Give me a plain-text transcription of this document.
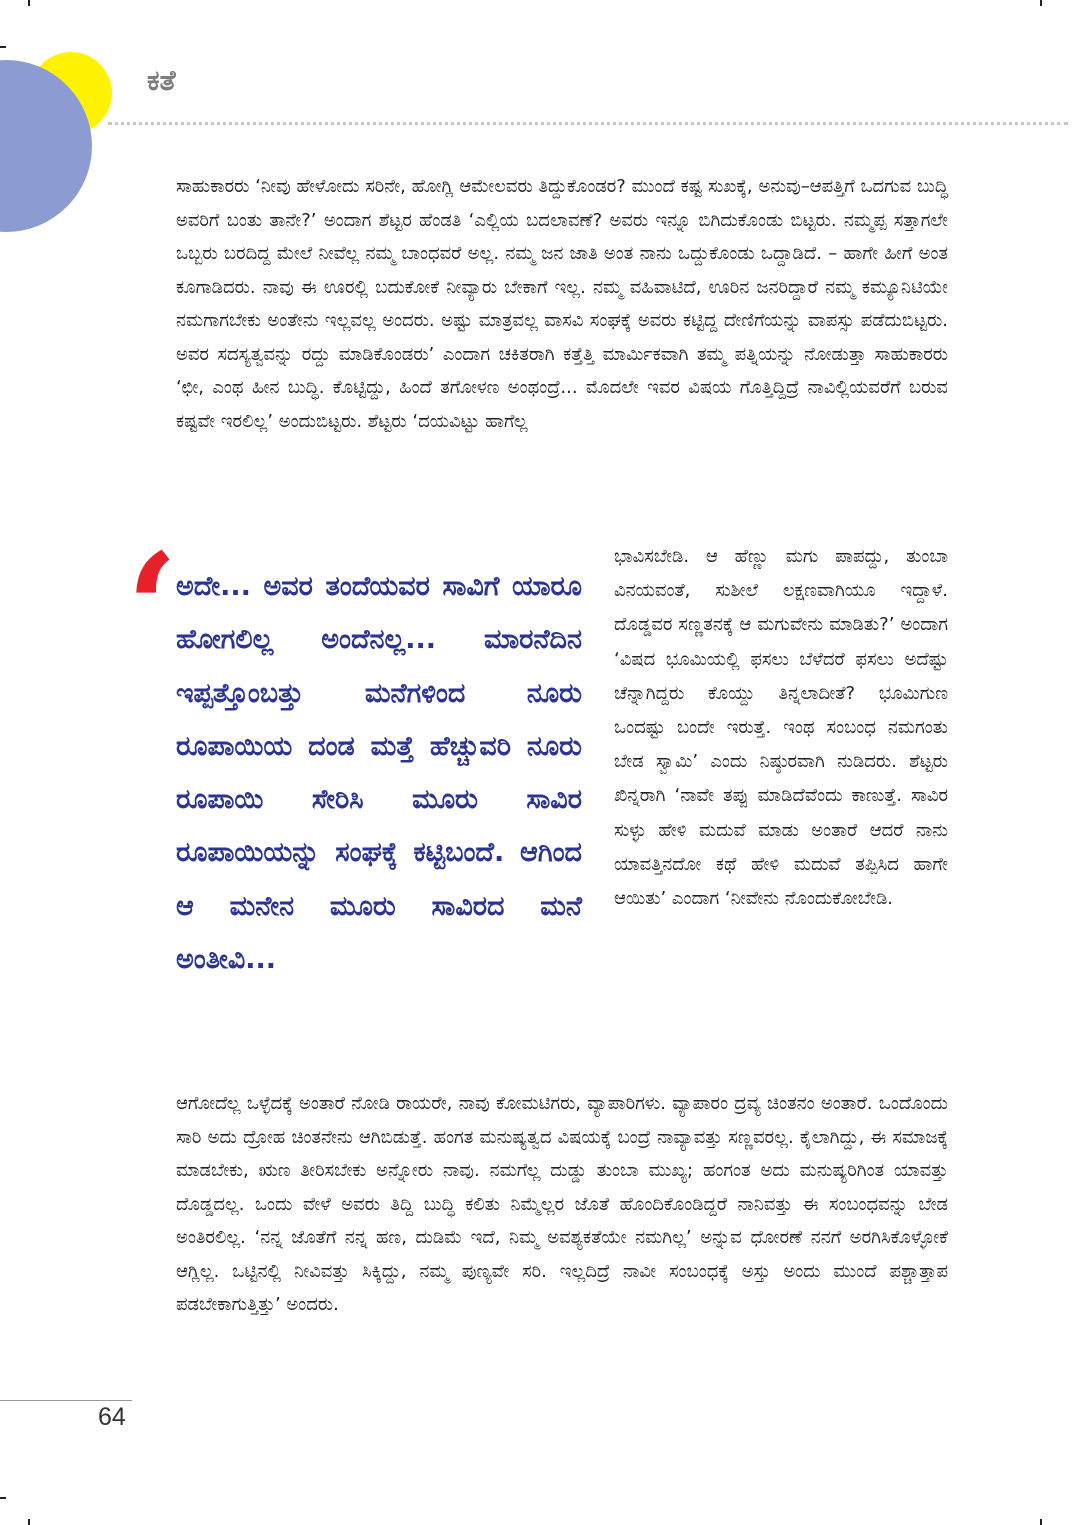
ಕತೆ

ಸಾಹುಕಾರರು ‘ನೀವು ಹೇಳೋದು ಸರಿನೇ, ಹೋಗ್ಲಿ ಆಮೇಲವರು ತಿದ್ದುಕೊಂಡರ? ಮುಂದೆ ಕಷ್ಟ ಸುಖಕ್ಕೆ, ಅನುವು–ಆಪತ್ತಿಗೆ ಒದಗುವ ಬುದ್ಧಿ ಅವರಿಗೆ ಬಂತು ತಾನೇ?’ ಅಂದಾಗ ಶೆಟ್ಟರ ಹೆಂಡತಿ ‘ಎಲ್ಲಿಯ ಬದಲಾವಣೆ? ಅವರು ಇನ್ನೂ ಬಿಗಿದುಕೊಂಡು ಬಿಟ್ಟರು. ನಮ್ಮಪ್ಪ ಸತ್ತಾಗಲೇ ಒಬ್ಬರು ಬರದಿದ್ದ ಮೇಲೆ ನೀವೆಲ್ಲ ನಮ್ಮ ಬಾಂಧವರೆ ಅಲ್ಲ. ನಮ್ಮ ಜನ ಜಾತಿ ಅಂತ ನಾನು ಒದ್ದುಕೊಂಡು ಒದ್ದಾಡಿದೆ. – ಹಾಗೇ ಹೀಗೆ ಅಂತ ಕೂಗಾಡಿದರು. ನಾವು ಈ ಊರಲ್ಲಿ ಬದುಕೋಕೆ ನೀವ್ಯಾರು ಬೇಕಾಗೆ ಇಲ್ಲ. ನಮ್ಮ ವಹಿವಾಟಿದೆ, ಊರಿನ ಜನರಿದ್ದಾರೆ ನಮ್ಮ ಕಮ್ಯೂನಿಟಿಯೇ ನಮಗಾಗಬೇಕು ಅಂತೇನು ಇಲ್ಲವಲ್ಲ ಅಂದರು. ಅಷ್ಟು ಮಾತ್ರವಲ್ಲ ವಾಸವಿ ಸಂಘಕ್ಕೆ ಅವರು ಕಟ್ಟಿದ್ದ ದೇಣಿಗೆಯನ್ನು ವಾಪಸ್ಸು ಪಡೆದುಬಿಟ್ಟರು. ಅವರ ಸದಸ್ಯತ್ವವನ್ನು ರದ್ದು ಮಾಡಿಕೊಂಡರು’ ಎಂದಾಗ ಚಕಿತರಾಗಿ ಕತ್ತೆತ್ತಿ ಮಾರ್ಮಿಕವಾಗಿ ತಮ್ಮ ಪತ್ನಿಯನ್ನು ನೋಡುತ್ತಾ ಸಾಹುಕಾರರು ‘ಛೀ, ಎಂಥ ಹೀನ ಬುದ್ಧಿ. ಕೊಟ್ಟಿದ್ದು, ಹಿಂದೆ ತಗೋಳಣ ಅಂಥಂದ್ರೆ... ಮೊದಲೇ ಇವರ ವಿಷಯ ಗೊತ್ತಿದ್ದಿದ್ರೆ ನಾವಿಲ್ಲಿಯವರೆಗೆ ಬರುವ ಕಷ್ಟವೇ ಇರಲಿಲ್ಲ’ ಅಂದುಬಿಟ್ಟರು. ಶೆಟ್ಟರು ‘ದಯವಿಟ್ಟು ಹಾಗೆಲ್ಲ

‘

ಅದೇ... ಅವರ ತಂದೆಯವರ ಸಾವಿಗೆ ಯಾರೂ ಹೋಗಲಿಲ್ಲ ಅಂದೆನಲ್ಲ... ಮಾರನೆದಿನ ಇಪ್ಪತ್ತೊಂಬತ್ತು ಮನೆಗಳಿಂದ ನೂರು ರೂಪಾಯಿಯ ದಂಡ ಮತ್ತೆ ಹೆಚ್ಚುವರಿ ನೂರು ರೂಪಾಯಿ ಸೇರಿಸಿ ಮೂರು ಸಾವಿರ ರೂಪಾಯಿಯನ್ನು ಸಂಘಕ್ಕೆ ಕಟ್ಟಿಬಂದೆ. ಆಗಿಂದ ಆ ಮನೇನ ಮೂರು ಸಾವಿರದ ಮನೆ ಅಂತೀವಿ...

ಭಾವಿಸಬೇಡಿ. ಆ ಹೆಣ್ಣು ಮಗು ಪಾಪದ್ದು, ತುಂಬಾ ವಿನಯವಂತೆ, ಸುಶೀಲೆ ಲಕ್ಷಣವಾಗಿಯೂ ಇದ್ದಾಳೆ. ದೊಡ್ಡವರ ಸಣ್ಣತನಕ್ಕೆ ಆ ಮಗುವೇನು ಮಾಡಿತು?’ ಅಂದಾಗ ‘ವಿಷದ ಭೂಮಿಯಲ್ಲಿ ಫಸಲು ಬೆಳೆದರೆ ಫಸಲು ಅದೆಷ್ಟು ಚೆನ್ನಾಗಿದ್ದರು ಕೊಯ್ದು ತಿನ್ನಲಾದೀತೆ? ಭೂಮಿಗುಣ ಒಂದಷ್ಟು ಬಂದೇ ಇರುತ್ತೆ. ಇಂಥ ಸಂಬಂಧ ನಮಗಂತು ಬೇಡ ಸ್ವಾಮಿ’ ಎಂದು ನಿಷ್ಠುರವಾಗಿ ನುಡಿದರು. ಶೆಟ್ಟರು ಖಿನ್ನರಾಗಿ ‘ನಾವೇ ತಪ್ಪು ಮಾಡಿದೆವೆಂದು ಕಾಣುತ್ತೆ. ಸಾವಿರ ಸುಳ್ಳು ಹೇಳಿ ಮದುವೆ ಮಾಡು ಅಂತಾರೆ ಆದರೆ ನಾನು ಯಾವತ್ತಿನದೋ ಕಥೆ ಹೇಳಿ ಮದುವೆ ತಪ್ಪಿಸಿದ ಹಾಗೇ ಆಯಿತು’ ಎಂದಾಗ ‘ನೀವೇನು ನೊಂದುಕೋಬೇಡಿ.

ಆಗೋದೆಲ್ಲ ಒಳ್ಳೆದಕ್ಕೆ ಅಂತಾರೆ ನೋಡಿ ರಾಯರೇ, ನಾವು ಕೋಮಟಿಗರು, ವ್ಯಾಪಾರಿಗಳು. ವ್ಯಾಪಾರಂ ದ್ರವ್ಯ ಚಿಂತನಂ ಅಂತಾರೆ. ಒಂದೊಂದು ಸಾರಿ ಅದು ದ್ರೋಹ ಚಿಂತನೇನು ಆಗಿಬಿಡುತ್ತೆ. ಹಂಗತ ಮನುಷ್ಯತ್ವದ ವಿಷಯಕ್ಕೆ ಬಂದ್ರೆ ನಾವ್ಯಾವತ್ತು ಸಣ್ಣವರಲ್ಲ. ಕೈಲಾಗಿದ್ದು, ಈ ಸಮಾಜಕ್ಕೆ ಮಾಡಬೇಕು, ಋಣ ತೀರಿಸಬೇಕು ಅನ್ನೋರು ನಾವು. ನಮಗೆಲ್ಲ ದುಡ್ಡು ತುಂಬಾ ಮುಖ್ಯ; ಹಂಗಂತ ಅದು ಮನುಷ್ಯರಿಗಿಂತ ಯಾವತ್ತು ದೊಡ್ಡದಲ್ಲ. ಒಂದು ವೇಳೆ ಅವರು ತಿದ್ದಿ ಬುದ್ಧಿ ಕಲಿತು ನಿಮ್ಮೆಲ್ಲರ ಜೊತೆ ಹೊಂದಿಕೊಂಡಿದ್ದರೆ ನಾನಿವತ್ತು ಈ ಸಂಬಂಧವನ್ನು ಬೇಡ ಅಂತಿರಲಿಲ್ಲ. ‘ನನ್ನ ಜೊತೆಗೆ ನನ್ನ ಹಣ, ದುಡಿಮೆ ಇದೆ, ನಿಮ್ಮ ಅವಶ್ಯಕತೆಯೇ ನಮಗಿಲ್ಲ’ ಅನ್ನುವ ಧೋರಣೆ ನನಗೆ ಅರಗಿಸಿಕೊಳ್ಳೋಕೆ ಆಗ್ಲಿಲ್ಲ. ಒಟ್ಟಿನಲ್ಲಿ ನೀವಿವತ್ತು ಸಿಕ್ಕಿದ್ದು, ನಮ್ಮ ಪುಣ್ಯವೇ ಸರಿ. ಇಲ್ಲದಿದ್ರೆ ನಾವೀ ಸಂಬಂಧಕ್ಕೆ ಅಸ್ತು ಅಂದು ಮುಂದೆ ಪಶ್ಚಾತ್ತಾಪ ಪಡಬೇಕಾಗುತ್ತಿತ್ತು’ ಅಂದರು.

64
